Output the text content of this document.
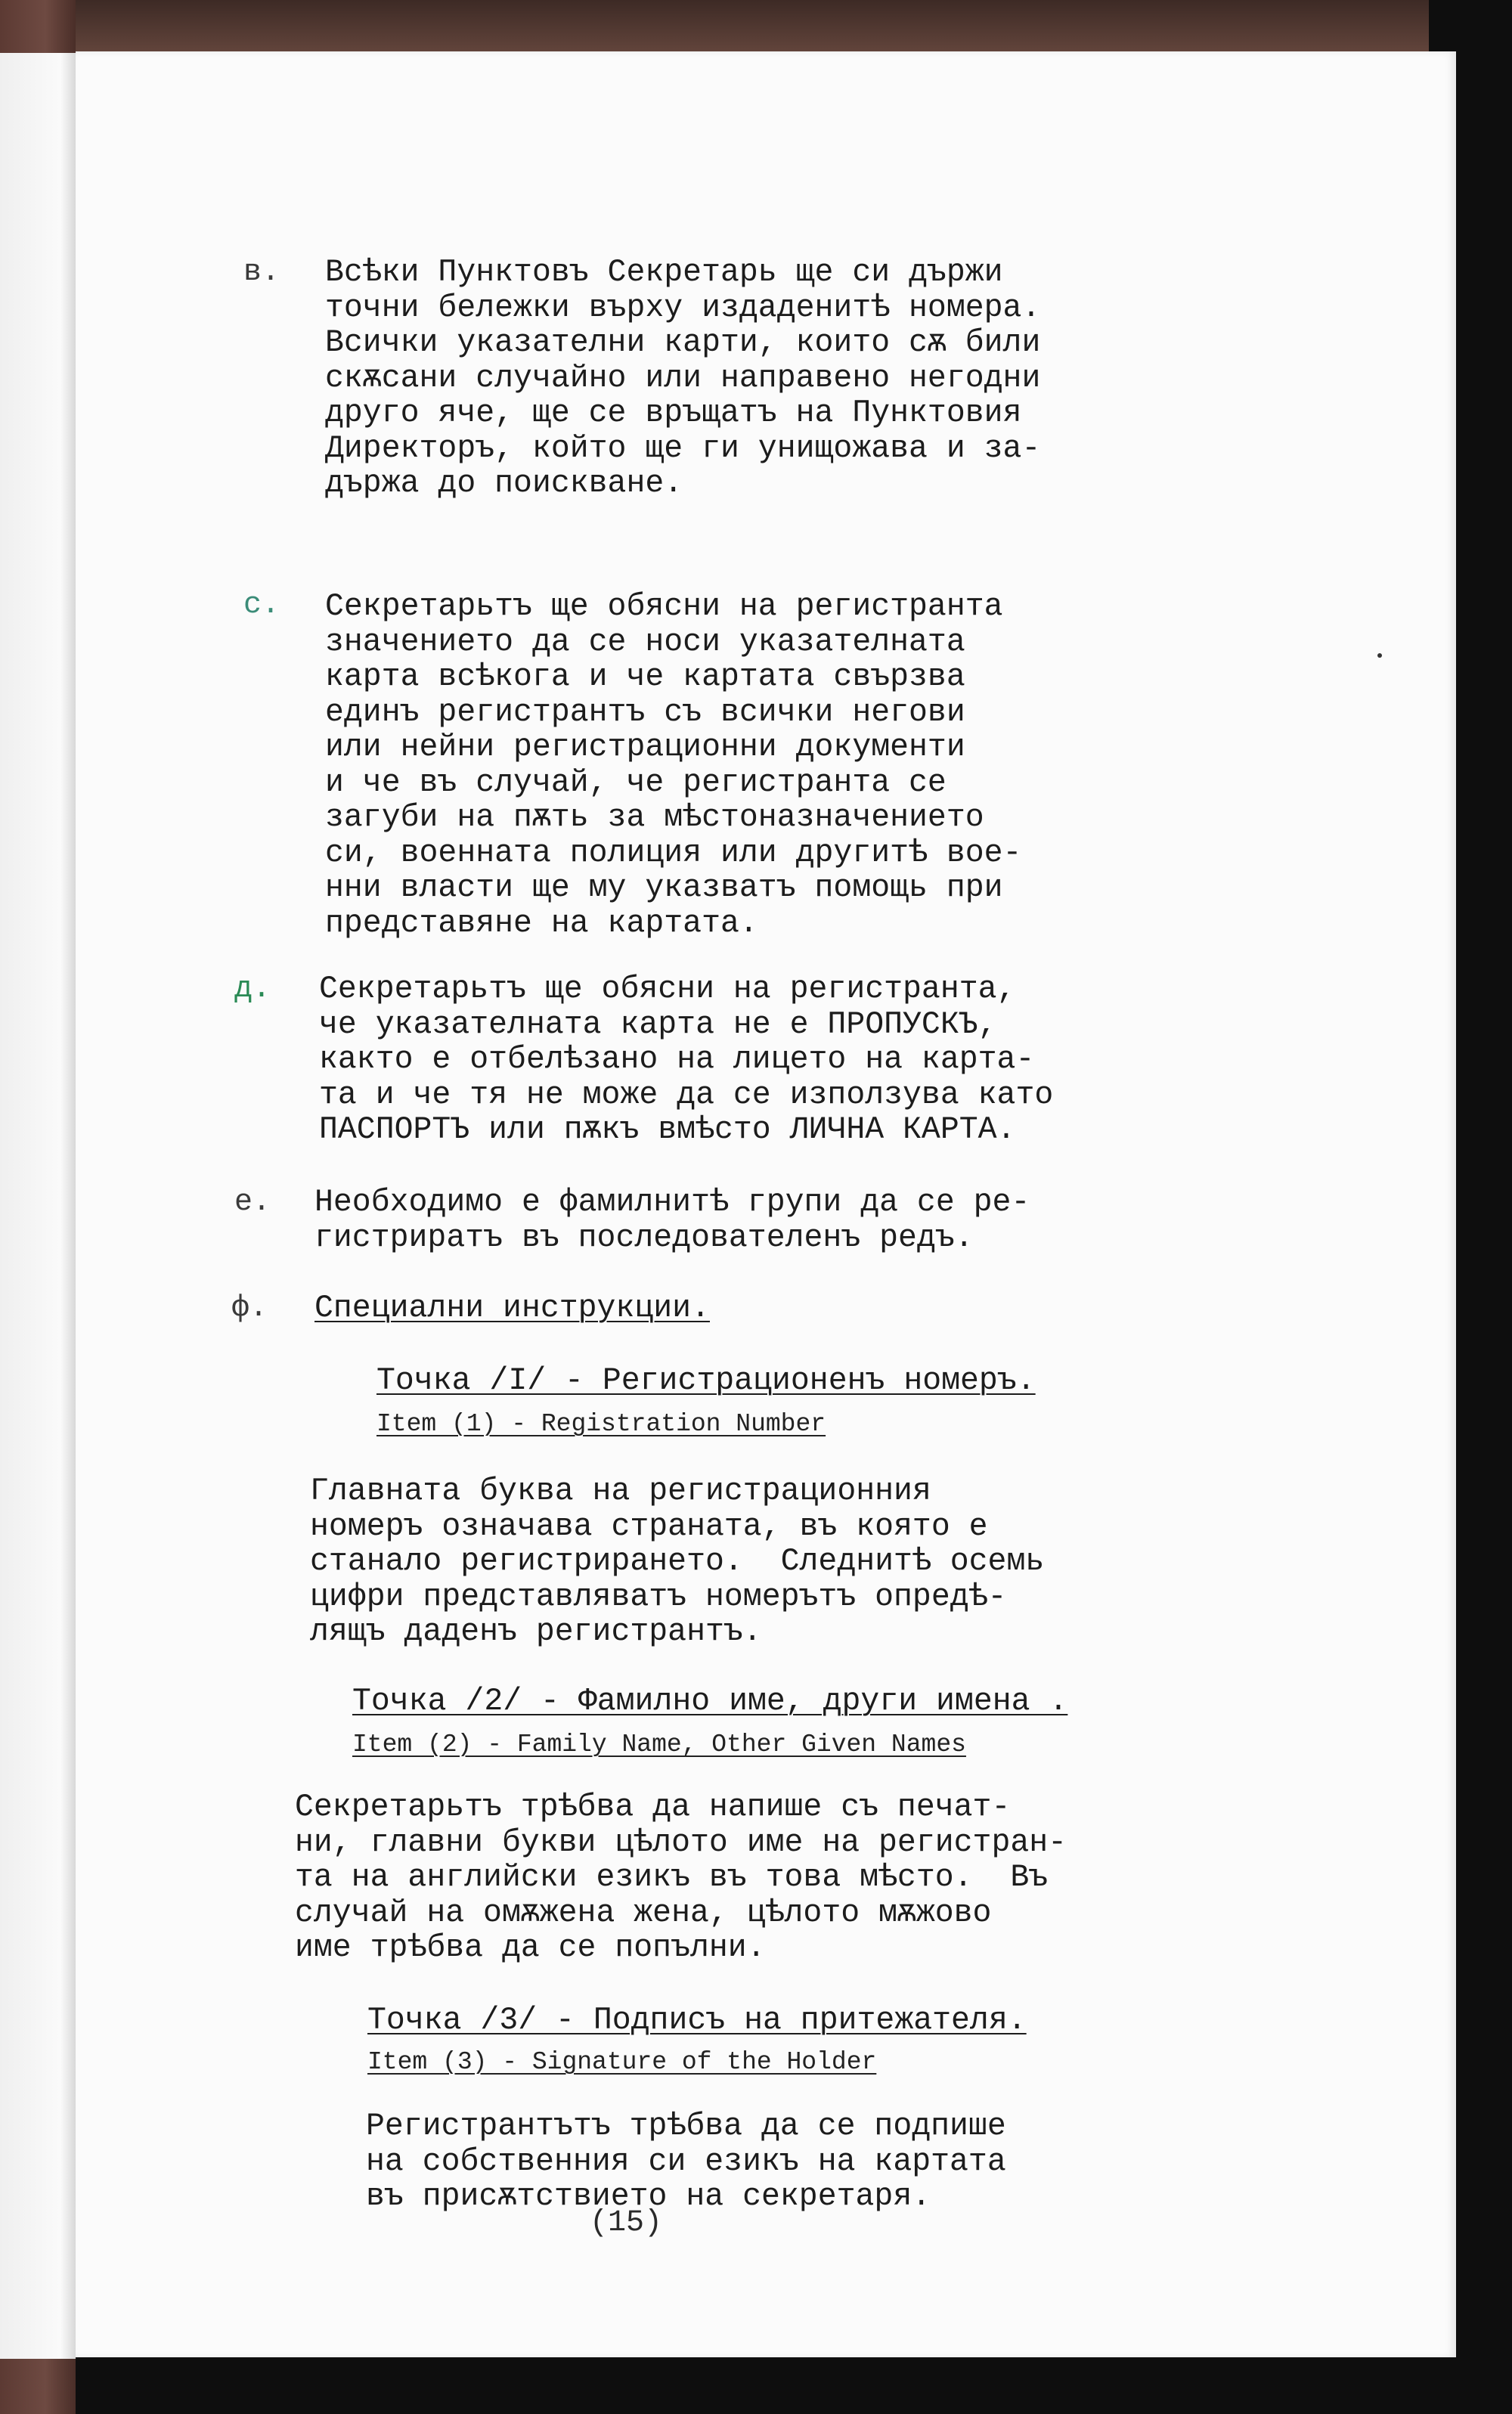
в. Всѣки Пунктовъ Секретарь ще си държи
точни бележки върху издаденитѣ номера.
Всички указателни карти, които сѫ били
скѫсани случайно или направено негодни
друго яче, ще се връщатъ на Пунктовия
Директоръ, който ще ги унищожава и за-
държа до поискване.
с. Секретарьтъ ще обясни на регистранта
значението да се носи указателната
карта всѣкога и че картата свързва
единъ регистрантъ съ всички негови
или нейни регистрационни документи
и че въ случай, че регистранта се
загуби на пѫть за мѣстоназначението
си, военната полиция или другитѣ вое-
нни власти ще му указватъ помощь при
представяне на картата.
д. Секретарьтъ ще обясни на регистранта,
че указателната карта не е ПРОПУСКЪ,
както е отбелѣзано на лицето на карта-
та и че тя не може да се използува като
ПАСПОРТЪ или пѫкъ вмѣсто ЛИЧНА КАРТА.
е. Необходимо е фамилнитѣ групи да се ре-
гистриратъ въ последователенъ редъ.
ф. Специални инструкции.
Точка /I/ - Регистрационенъ номеръ.
Item (1) - Registration Number
Главната буква на регистрационния
номеръ означава страната, въ която е
станало регистрирането.  Следнитѣ осемь
цифри представляватъ номерътъ опредѣ-
лящъ даденъ регистрантъ.
Точка /2/ - Фамилно име, други имена .
Item (2) - Family Name, Other Given Names
Секретарьтъ трѣбва да напише съ печат-
ни, главни букви цѣлото име на регистран-
та на английски езикъ въ това мѣсто.  Въ
случай на омѫжена жена, цѣлото мѫжово
име трѣбва да се попълни.
Точка /3/ - Подписъ на притежателя.
Item (3) - Signature of the Holder
Регистрантътъ трѣбва да се подпише
на собственния си езикъ на картата
въ присѫтствието на секретаря.
(15)
